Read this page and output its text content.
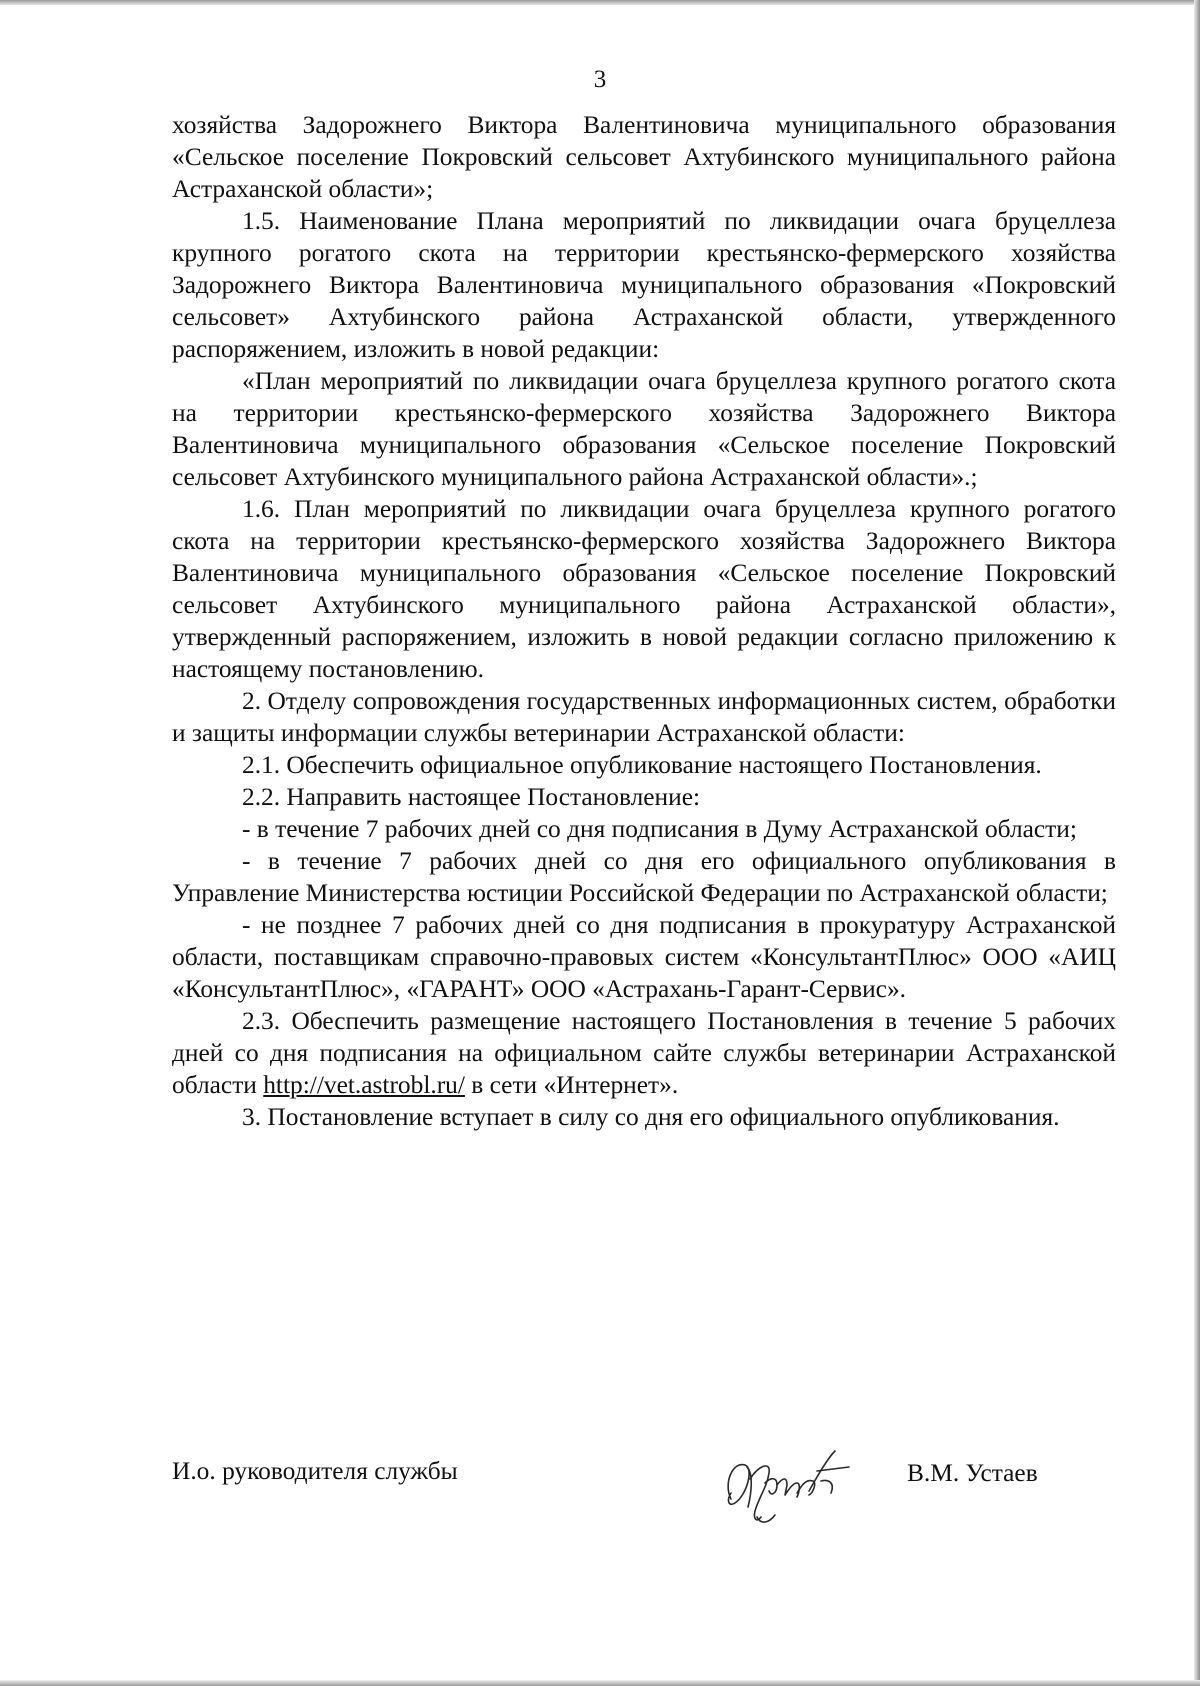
3

хозяйства Задорожнего Виктора Валентиновича муниципального образования «Сельское поселение Покровский сельсовет Ахтубинского муниципального района Астраханской области»;

1.5. Наименование Плана мероприятий по ликвидации очага бруцеллеза крупного рогатого скота на территории крестьянско-фермерского хозяйства Задорожнего Виктора Валентиновича муниципального образования «Покровский сельсовет» Ахтубинского района Астраханской области, утвержденного распоряжением, изложить в новой редакции:

«План мероприятий по ликвидации очага бруцеллеза крупного рогатого скота на территории крестьянско-фермерского хозяйства Задорожнего Виктора Валентиновича муниципального образования «Сельское поселение Покровский сельсовет Ахтубинского муниципального района Астраханской области».;

1.6. План мероприятий по ликвидации очага бруцеллеза крупного рогатого скота на территории крестьянско-фермерского хозяйства Задорожнего Виктора Валентиновича муниципального образования «Сельское поселение Покровский сельсовет Ахтубинского муниципального района Астраханской области», утвержденный распоряжением, изложить в новой редакции согласно приложению к настоящему постановлению.

2. Отделу сопровождения государственных информационных систем, обработки и защиты информации службы ветеринарии Астраханской области:

2.1. Обеспечить официальное опубликование настоящего Постановления.

2.2. Направить настоящее Постановление:

- в течение 7 рабочих дней со дня подписания в Думу Астраханской области;

- в течение 7 рабочих дней со дня его официального опубликования в Управление Министерства юстиции Российской Федерации по Астраханской области;

- не позднее 7 рабочих дней со дня подписания в прокуратуру Астраханской области, поставщикам справочно-правовых систем «КонсультантПлюс» ООО «АИЦ «КонсультантПлюс», «ГАРАНТ» ООО «Астрахань-Гарант-Сервис».

2.3. Обеспечить размещение настоящего Постановления в течение 5 рабочих дней со дня подписания на официальном сайте службы ветеринарии Астраханской области http://vet.astrobl.ru/ в сети «Интернет».

3. Постановление вступает в силу со дня его официального опубликования.

И.о. руководителя службы	В.М. Устаев
